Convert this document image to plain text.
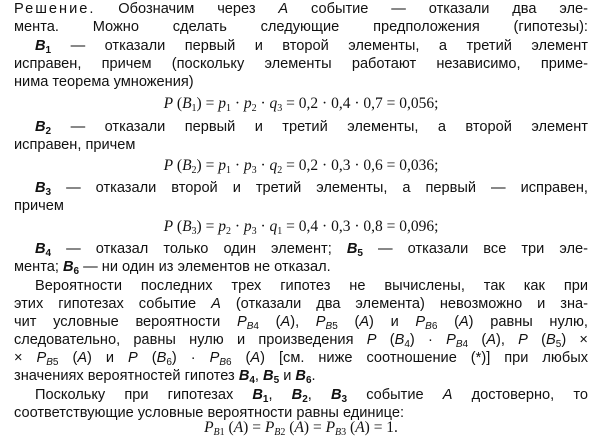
Решение. Обозначим через A событие — отказали два эле-
мента. Можно сделать следующие предположения (гипотезы):
$B_1$ — отказали первый и второй элементы, а третий элемент
исправен, причем (поскольку элементы работают независимо, приме-
нима теорема умножения)
P $(B_1) = p_1 \cdot p_2 \cdot q_3 = 0,2 \cdot 0,4 \cdot 0,7 = 0,056$;
$B_2$ — отказали первый и третий элементы, а второй элемент
исправен, причем
P $(B_2) = p_1 \cdot p_3 \cdot q_2 = 0,2 \cdot 0,3 \cdot 0,6 = 0,036$;
$B_3$ — отказали второй и третий элементы, а первый — исправен,
причем
P $(B_3) = p_2 \cdot p_3 \cdot q_1 = 0,4 \cdot 0,3 \cdot 0,8 = 0,096$;
$B_4$ — отказал только один элемент; $B_5$ — отказали все три эле-
мента; $B_6$ — ни один из элементов не отказал.
Вероятности последних трех гипотез не вычислены, так как при
этих гипотезах событие A (отказали два элемента) невозможно и зна-
чит условные вероятности $P_{B4}$ (A), $P_{B5}$ (A) и $P_{B6}$ (A) равны нулю,
следовательно, равны нулю и произведения P $(B_4) \cdot P_{B4}$ (A), P $(B_5)$ ×
× $P_{B5}$ (A) и P $(B_6) \cdot P_{B6}$ (A) [см. ниже соотношение (*)] при любых
значениях вероятностей гипотез $B_4$, $B_5$ и $B_6$.
Поскольку при гипотезах $B_1$, $B_2$, $B_3$ событие A достоверно, то
соответствующие условные вероятности равны единице:
$P_{B1}$ $(A) = P_{B2}$ $(A) = P_{B3}$ (A) = 1.
